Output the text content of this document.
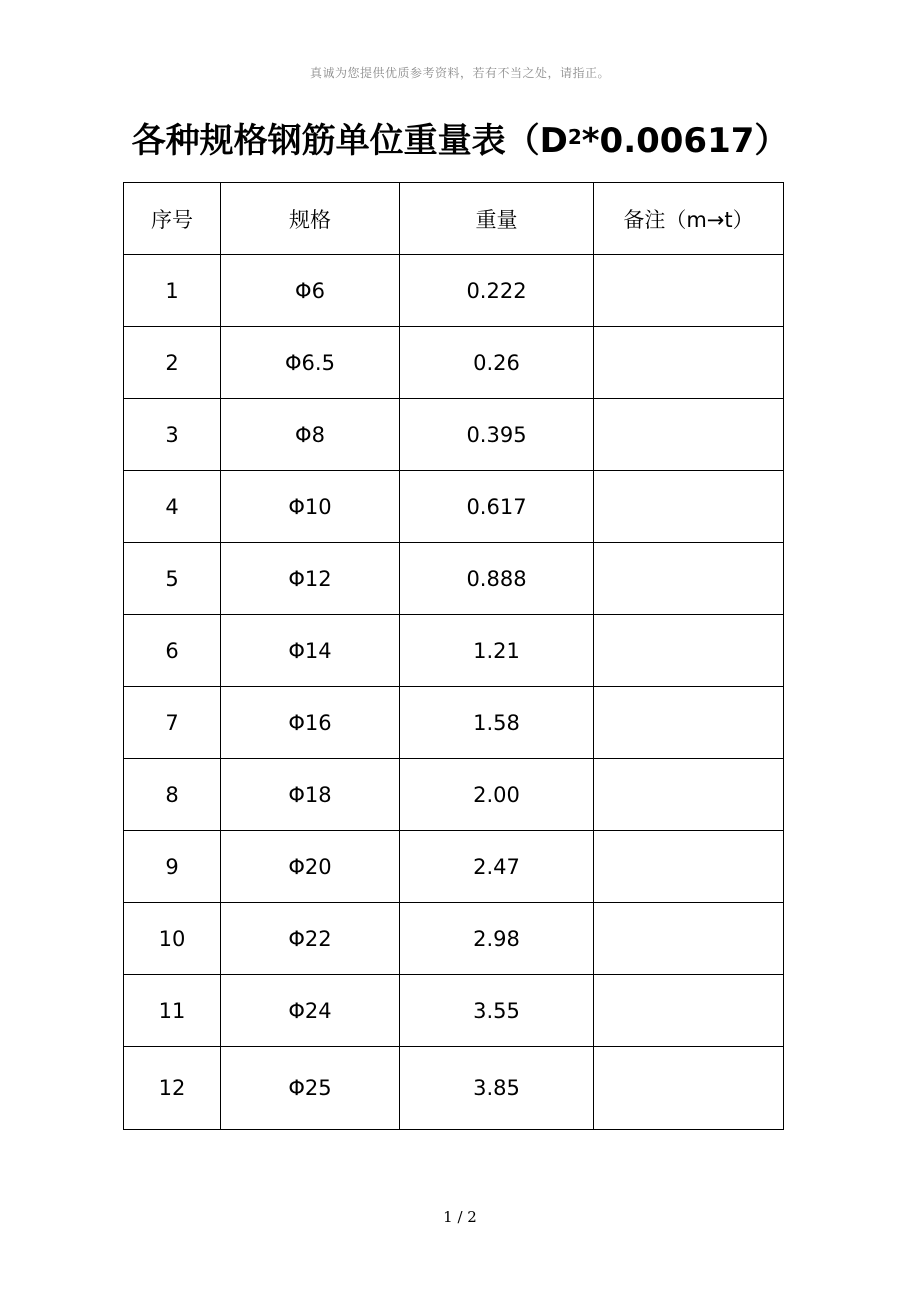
真诚为您提供优质参考资料，若有不当之处，请指正。
各种规格钢筋单位重量表$(D^2*0.00617)$
序号	规格	重量	备注（m→t）
1	Φ6	0.222	
2	Φ6.5	0.26	
3	Φ8	0.395	
4	Φ10	0.617	
5	Φ12	0.888	
6	Φ14	1.21	
7	Φ16	1.58	
8	Φ18	2.00	
9	Φ20	2.47	
10	Φ22	2.98	
11	Φ24	3.55	
12	Φ25	3.85	
1 / 2
